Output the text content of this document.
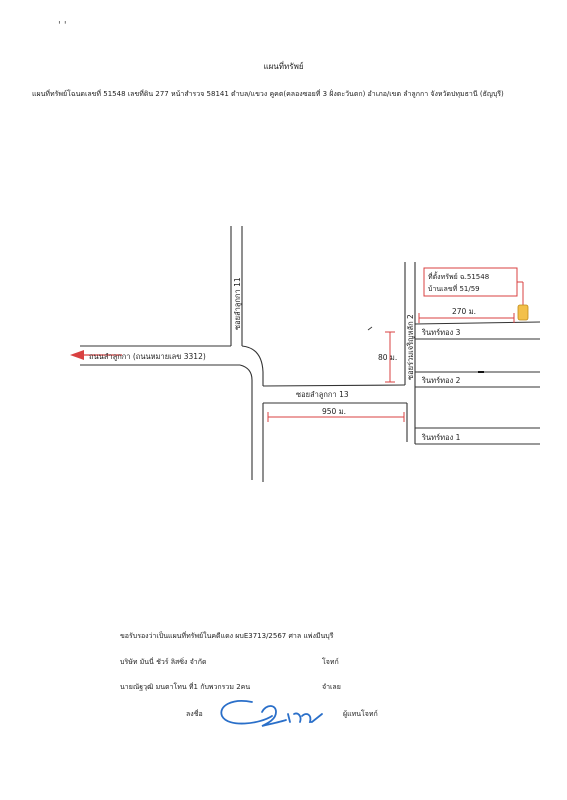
' '
แผนที่ทรัพย์
แผนที่ทรัพย์โฉนดเลขที่ 51548 เลขที่ดิน 277 หน้าสำรวจ 58141 ตำบล/แขวง คูคต(คลองซอยที่ 3 ฝั่งตะวันตก) อำเภอ/เขต ลำลูกกา จังหวัดปทุมธานี (ธัญบุรี)
ถนนลำลูกกา (ถนนหมายเลข 3312)
ซอยลำลูกกา 11
ซอยลำลูกกา 13
ซอยร่วมเจริญหลัก 2 รินทร์ทอง 3
รินทร์ทอง 2
รินทร์ทอง 1
950 ม.
80 ม.
270 ม.
ที่ตั้งทรัพย์ ฉ.51548
บ้านเลขที่ 51/59
ขอรับรองว่าเป็นแผนที่ทรัพย์ในคดีแดง ผบE3713/2567 ศาล แพ่งมีนบุรี
บริษัท มันนี่ ชัวร์ ลิสซิ่ง จำกัด	โจทก์
นายณัฐวุฒิ มนตาโทน ที่1 กับพวกรวม 2คน	จำเลย
ลงชื่อ	ผู้แทนโจทก์
